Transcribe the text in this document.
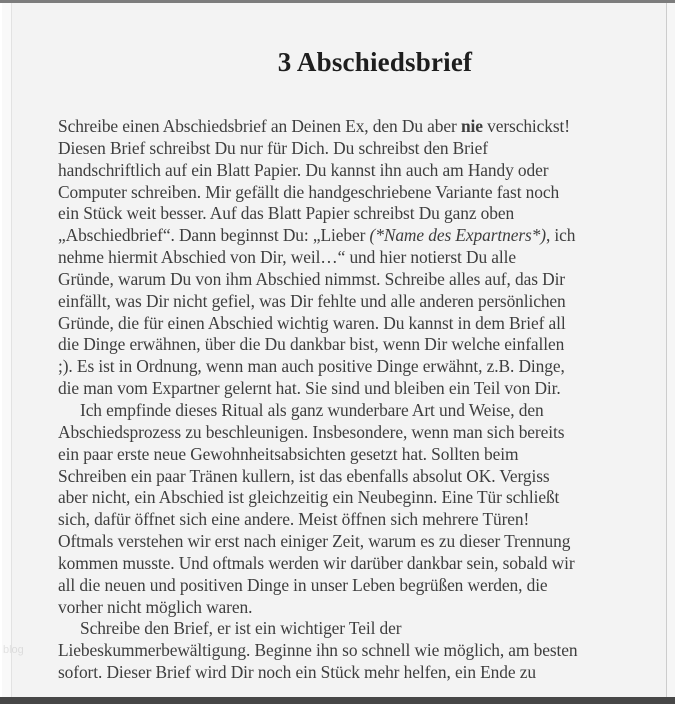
3 Abschiedsbrief
Schreibe einen Abschiedsbrief an Deinen Ex, den Du aber nie verschickst!
Diesen Brief schreibst Du nur für Dich. Du schreibst den Brief
handschriftlich auf ein Blatt Papier. Du kannst ihn auch am Handy oder
Computer schreiben. Mir gefällt die handgeschriebene Variante fast noch
ein Stück weit besser. Auf das Blatt Papier schreibst Du ganz oben
„Abschiedbrief“. Dann beginnst Du: „Lieber (*Name des Expartners*), ich
nehme hiermit Abschied von Dir, weil…“ und hier notierst Du alle
Gründe, warum Du von ihm Abschied nimmst. Schreibe alles auf, das Dir
einfällt, was Dir nicht gefiel, was Dir fehlte und alle anderen persönlichen
Gründe, die für einen Abschied wichtig waren. Du kannst in dem Brief all
die Dinge erwähnen, über die Du dankbar bist, wenn Dir welche einfallen
;). Es ist in Ordnung, wenn man auch positive Dinge erwähnt, z.B. Dinge,
die man vom Expartner gelernt hat. Sie sind und bleiben ein Teil von Dir.
Ich empfinde dieses Ritual als ganz wunderbare Art und Weise, den
Abschiedsprozess zu beschleunigen. Insbesondere, wenn man sich bereits
ein paar erste neue Gewohnheitsabsichten gesetzt hat. Sollten beim
Schreiben ein paar Tränen kullern, ist das ebenfalls absolut OK. Vergiss
aber nicht, ein Abschied ist gleichzeitig ein Neubeginn. Eine Tür schließt
sich, dafür öffnet sich eine andere. Meist öffnen sich mehrere Türen!
Oftmals verstehen wir erst nach einiger Zeit, warum es zu dieser Trennung
kommen musste. Und oftmals werden wir darüber dankbar sein, sobald wir
all die neuen und positiven Dinge in unser Leben begrüßen werden, die
vorher nicht möglich waren.
Schreibe den Brief, er ist ein wichtiger Teil der
Liebeskummerbewältigung. Beginne ihn so schnell wie möglich, am besten
sofort. Dieser Brief wird Dir noch ein Stück mehr helfen, ein Ende zu
blog
